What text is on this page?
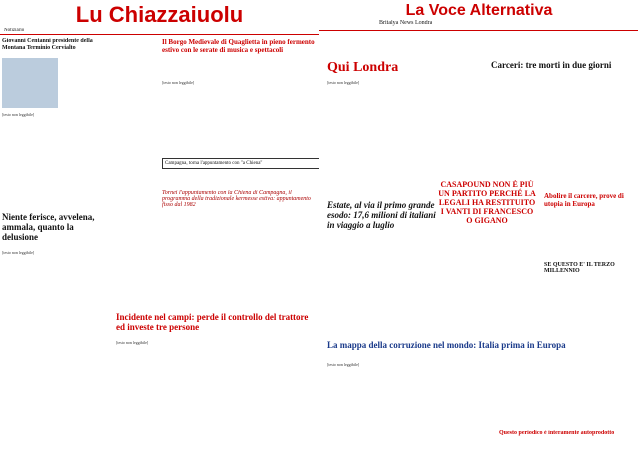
Lu Chiazzaiuolu
Notiziario
Giovanni Centanni presidente della Montana Terminio Cervialto
[testo non leggibile]
Il Borgo Medievale di Quaglietta in pieno fermento estivo con le serate di musica e spettacoli
[testo non leggibile]
Campagna, torna l'appuntamento con "a Chiena"
Niente ferisce, avvelena, ammala, quanto la delusione
[testo non leggibile]
Tornei l'appuntamento con la Chiena di Campagna, il programma della tradizionale kermesse estiva: appuntamento fisso dal 1982
Incidente nel campi: perde il controllo del trattore ed investe tre persone
[testo non leggibile]
La Voce Alternativa
Britalya News Londra
Qui Londra	Carceri: tre morti in due giorni
[testo non leggibile]
CASAPOUND NON È PIÙ UN PARTITO PERCHÉ LA LEGALI HA RESTITUITO I VANTI DI FRANCESCO O GIGANO
Estate, al via il primo grande esodo: 17,6 milioni di italiani in viaggio a luglio
Abolire il carcere, prove di utopia in Europa
SE QUESTO E' IL TERZO MILLENNIO
La mappa della corruzione nel mondo: Italia prima in Europa
[testo non leggibile]
Questo periodico è interamente autoprodotto
